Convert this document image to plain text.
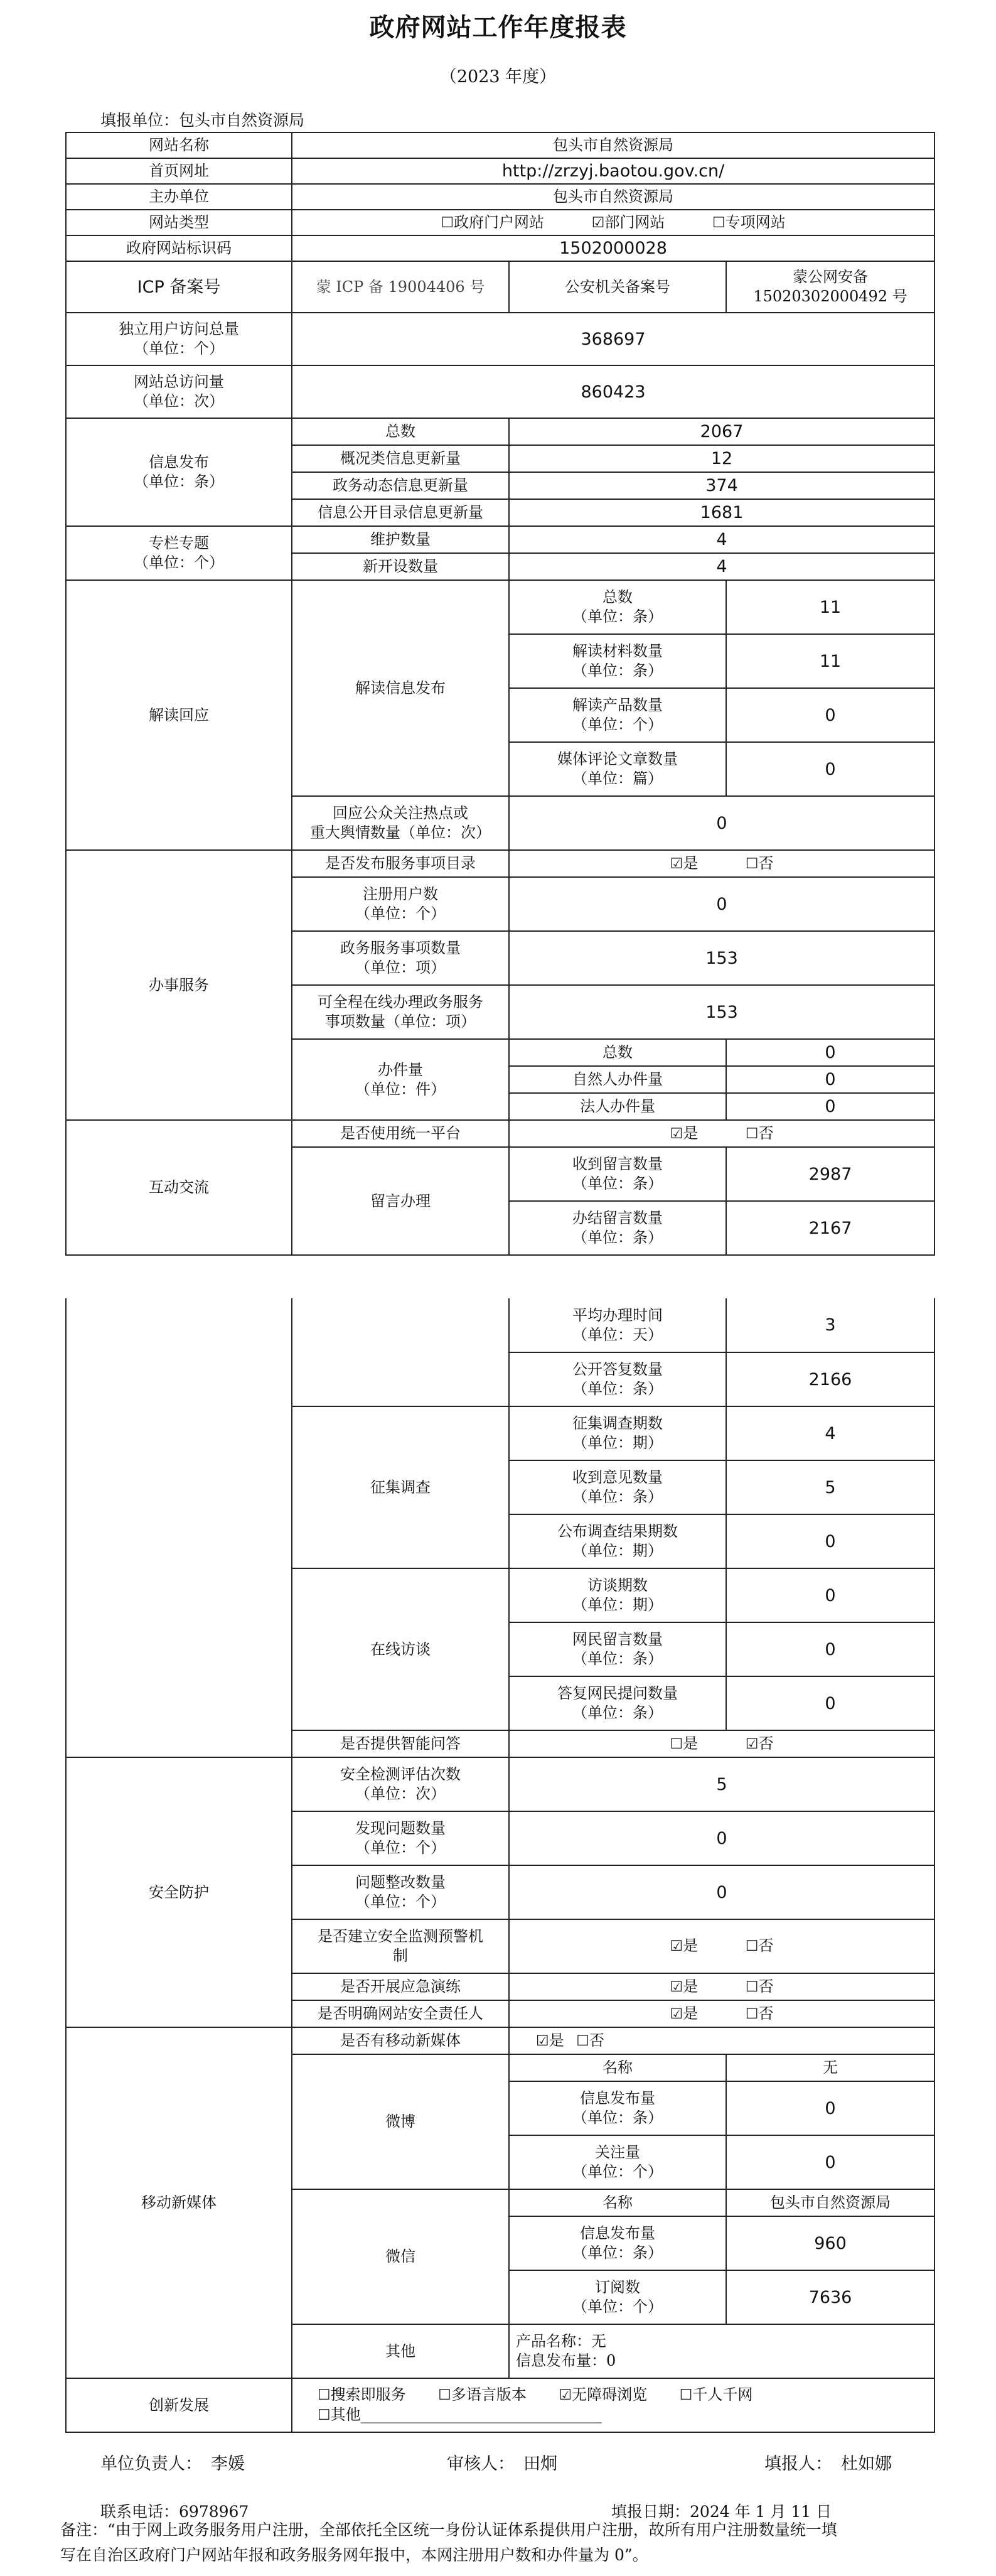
政府网站工作年度报表
（2023 年度）
填报单位：包头市自然资源局
网站名称	包头市自然资源局		
首页网址	http://zrzyj.baotou.gov.cn/		
主办单位	包头市自然资源局		
网站类型	☐政府门户网站 ☑部门网站 ☐专项网站		
政府网站标识码	1502000028		
ICP 备案号	蒙 ICP 备 19004406 号	公安机关备案号	蒙公网安备
15020302000492 号

独立用户访问总量
（单位：个）	368697		

网站总访问量
（单位：次）	860423		

信息发布
（单位：条）	总数	2067	
	概况类信息更新量	12	
	政务动态信息更新量	374	
	信息公开目录信息更新量	1681	

专栏专题
（单位：个）	维护数量	4	
	新开设数量	4	
解读回应	解读信息发布	总数
（单位：条）	11

		解读材料数量
（单位：条）	11

		解读产品数量
（单位：个）	0

		媒体评论文章数量
（单位：篇）	0

	回应公众关注热点或
重大舆情数量（单位：次）	0	
办事服务	是否发布服务事项目录	☑是 ☐否	

	注册用户数
（单位：个）	0	

	政务服务事项数量
（单位：项）	153	

	可全程在线办理政务服务
事项数量（单位：项）	153	

	办件量
（单位：件）	总数	0
		自然人办件量	0
		法人办件量	0
互动交流	是否使用统一平台	☑是 ☐否	
	留言办理	收到留言数量
（单位：条）	2987

		办结留言数量
（单位：条）	2167

		平均办理时间
（单位：天）	3

		公开答复数量
（单位：条）	2166
	征集调查	征集调查期数
（单位：期）	4

		收到意见数量
（单位：条）	5

		公布调查结果期数
（单位：期）	0
	在线访谈	访谈期数
（单位：期）	0

		网民留言数量
（单位：条）	0

		答复网民提问数量
（单位：条）	0
	是否提供智能问答	☐是 ☑否	
安全防护	安全检测评估次数
（单位：次）	5	

	发现问题数量
（单位：个）	0	

	问题整改数量
（单位：个）	0	

	是否建立安全监测预警机
制	☑是 ☐否	
	是否开展应急演练	☑是 ☐否	
	是否明确网站安全责任人	☑是 ☐否	
移动新媒体	是否有移动新媒体	☑是 ☐否	
	微博	名称	无

		信息发布量
（单位：条）	0

		关注量
（单位：个）	0
	微信	名称	包头市自然资源局

		信息发布量
（单位：条）	960

		订阅数
（单位：个）	7636
	其他	产品名称：无
信息发布量：0	

创新发展	☐搜索即服务 ☐多语言版本 ☑无障碍浏览 ☐千人千网
☐其他________________________________		
单位负责人： 李媛	审核人： 田炯	填报人： 杜如娜
联系电话：6978967	填报日期：2024 年 1 月 11 日
备注：“由于网上政务服务用户注册，全部依托全区统一身份认证体系提供用户注册，故所有用户注册数量统一填
写在自治区政府门户网站年报和政务服务网年报中，本网注册用户数和办件量为 0”。
